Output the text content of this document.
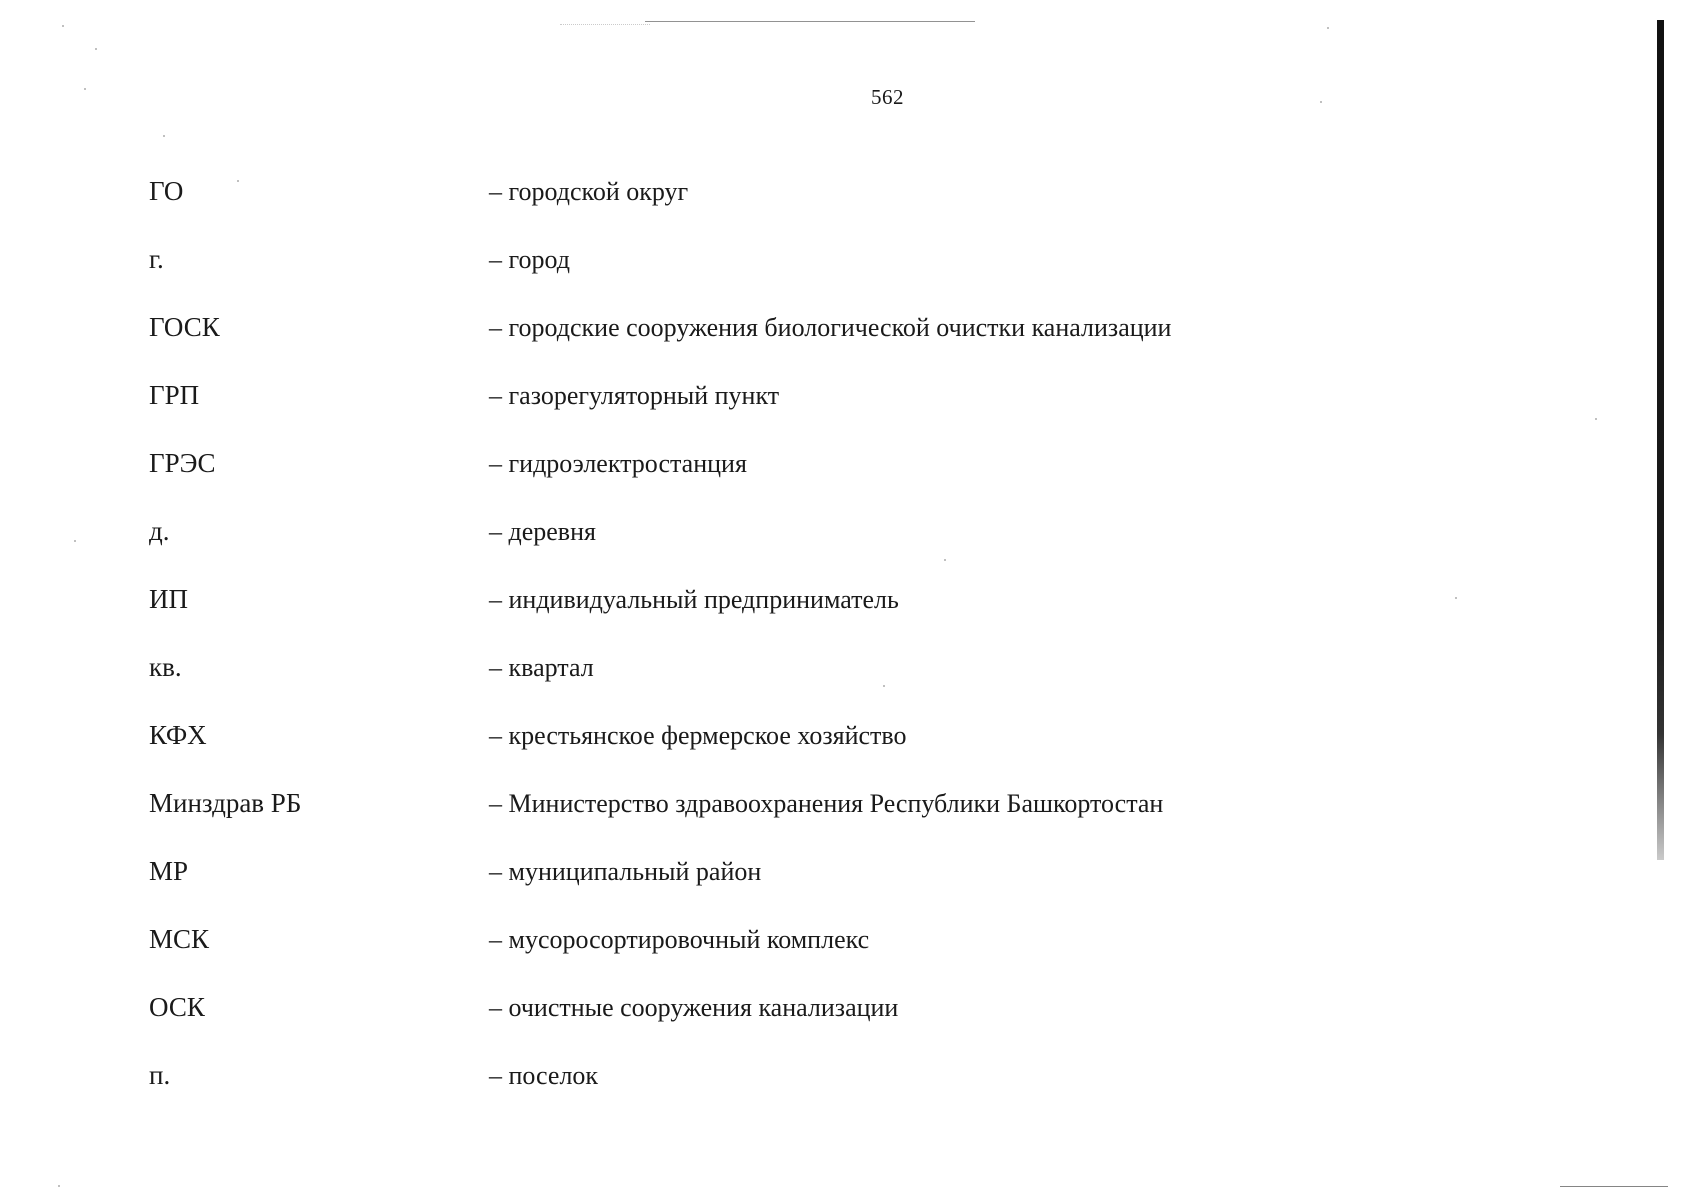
562
ГО	– городской округ
г.	– город
ГОСК	– городские сооружения биологической очистки канализации
ГРП	– газорегуляторный пункт
ГРЭС	– гидроэлектростанция
д.	– деревня
ИП	– индивидуальный предприниматель
кв.	– квартал
КФХ	– крестьянское фермерское хозяйство
Минздрав РБ	– Министерство здравоохранения Республики Башкортостан
МР	– муниципальный район
МСК	– мусоросортировочный комплекс
ОСК	– очистные сооружения канализации
п.	– поселок
